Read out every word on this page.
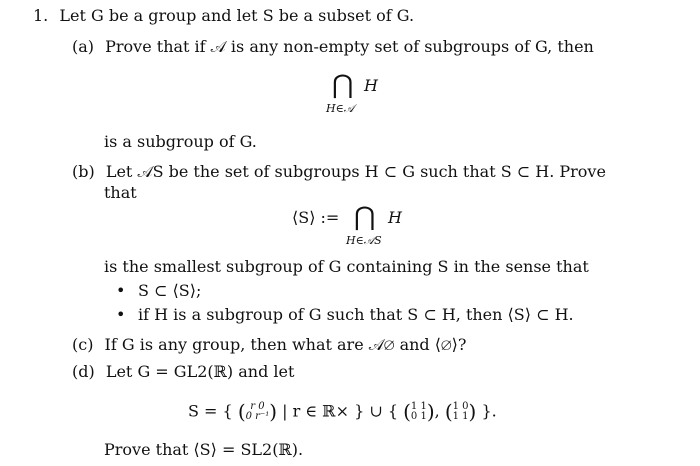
1. Let G be a group and let S be a subset of G.
(a) Prove that if 𝒜 is any non-empty set of subgroups of G, then
⋂ H
H∈𝒜
is a subgroup of G.
(b) Let 𝒜S be the set of subgroups H ⊂ G such that S ⊂ H. Prove
that
⟨S⟩ := ⋂ H
H∈𝒜S
is the smallest subgroup of G containing S in the sense that
• S ⊂ ⟨S⟩;
• if H is a subgroup of G such that S ⊂ H, then ⟨S⟩ ⊂ H.
(c) If G is any group, then what are 𝒜∅ and ⟨∅⟩?
(d) Let G = GL2(ℝ) and let
S = { ( r 0
0 r⁻¹ ) | r ∈ ℝ× } ∪ { ( 1 1
0 1 ), ( 1 0
1 1 ) }.
Prove that ⟨S⟩ = SL2(ℝ).
